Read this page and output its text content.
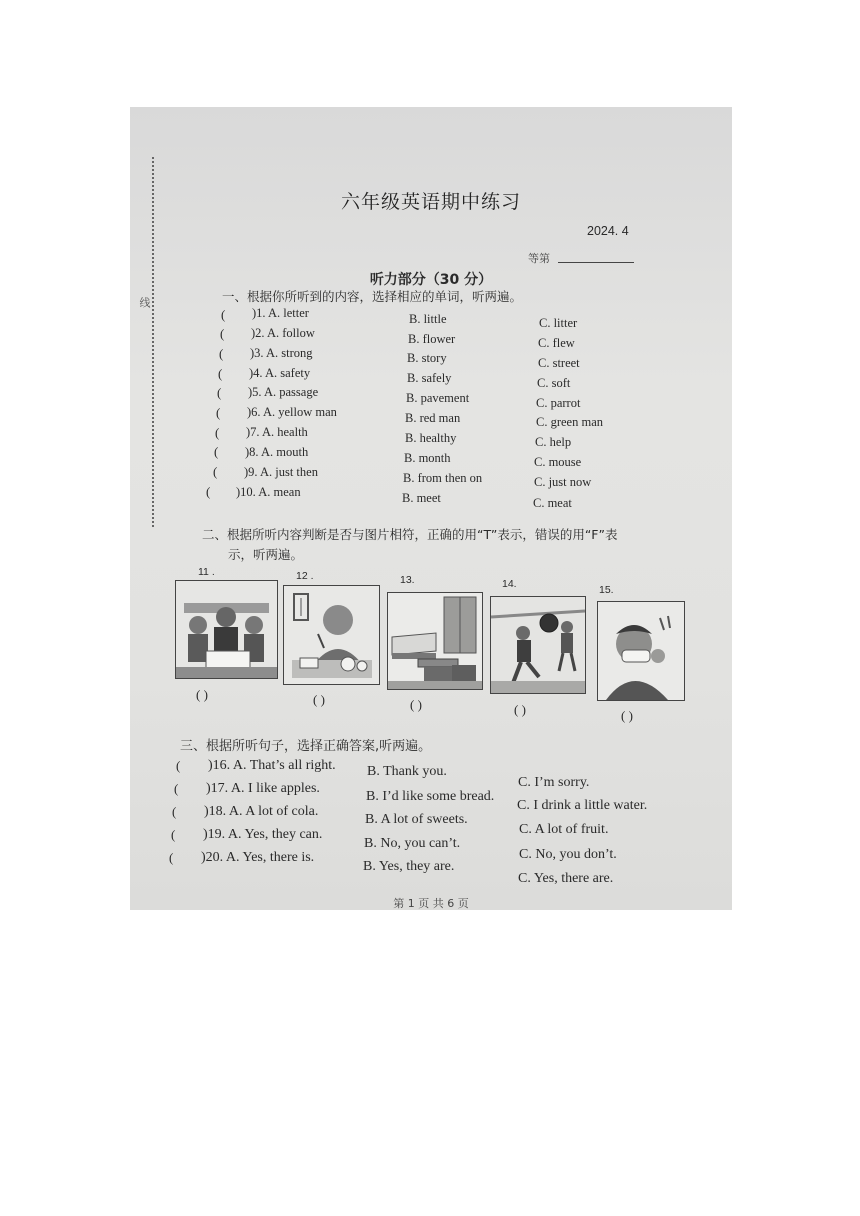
线
六年级英语期中练习
2024. 4
等第
听力部分（30 分）
一、根据你所听到的内容，选择相应的单词，听两遍。
( )1. A. letter	B. little	C. litter
( )2. A. follow	B. flower	C. flew
( )3. A. strong	B. story	C. street
( )4. A. safety	B. safely	C. soft
( )5. A. passage	B. pavement	C. parrot
( )6. A. yellow man	B. red man	C. green man
( )7. A. health	B. healthy	C. help
( )8. A. mouth	B. month	C. mouse
( )9. A. just then	B. from then on	C. just now
( )10. A. mean	B. meet	C. meat
二、根据所听内容判断是否与图片相符，正确的用“T”表示，错误的用“F”表
示，听两遍。
11 .
( )
12 .
( )
13.
( )
14.
( )
15.
( )
三、根据所听句子，选择正确答案,听两遍。
( )16. A. That’s all right. B. Thank you.
C. I’m sorry.
( )17. A. I like apples.
B. I’d like some bread.
C. I drink a little water.
( )18. A. A lot of cola.
B. A lot of sweets.
C. A lot of fruit.
( )19. A. Yes, they can.
B. No, you can’t.
C. No, you don’t.
( )20. A. Yes, there is.
B. Yes, they are.
C. Yes, there are.
第 1 页 共 6 页
